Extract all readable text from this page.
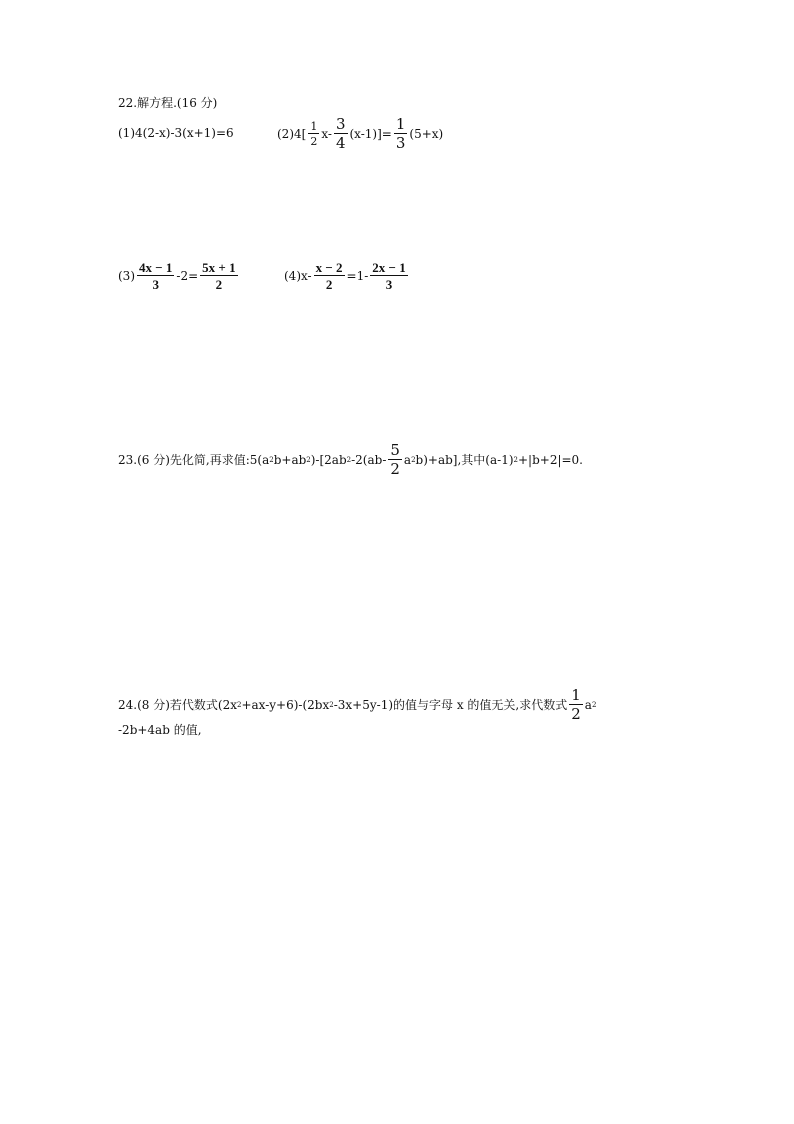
22.解方程.(16 分)
(1) 4(2-x)-3(x+1)=6	(2) $4[ \frac{1}{2} x- \frac{3}{4} (x-1)]= \frac{1}{3} (5+x)$
$(3) \frac{4x - 1}{3} -2= \frac{5x + 1}{2}$	(4) $x- \frac{x - 2}{2} =1- \frac{2x - 1}{3}$
23.(6 分)先化简,再求值:5(a 2 b+ab 2 )-[2ab 2 $-2(ab- \frac{5}{2}$ a 2 b)+ab],其中(a-1) 2 +|b+2|=0.
24.(8 分)若代数式(2x 2 +ax-y+6)-(2bx 2 -3x+5y-1)的值与字母 x 的值无关,求代数式 $\frac{1}{2}$ a 2
-2b+4ab 的值,
